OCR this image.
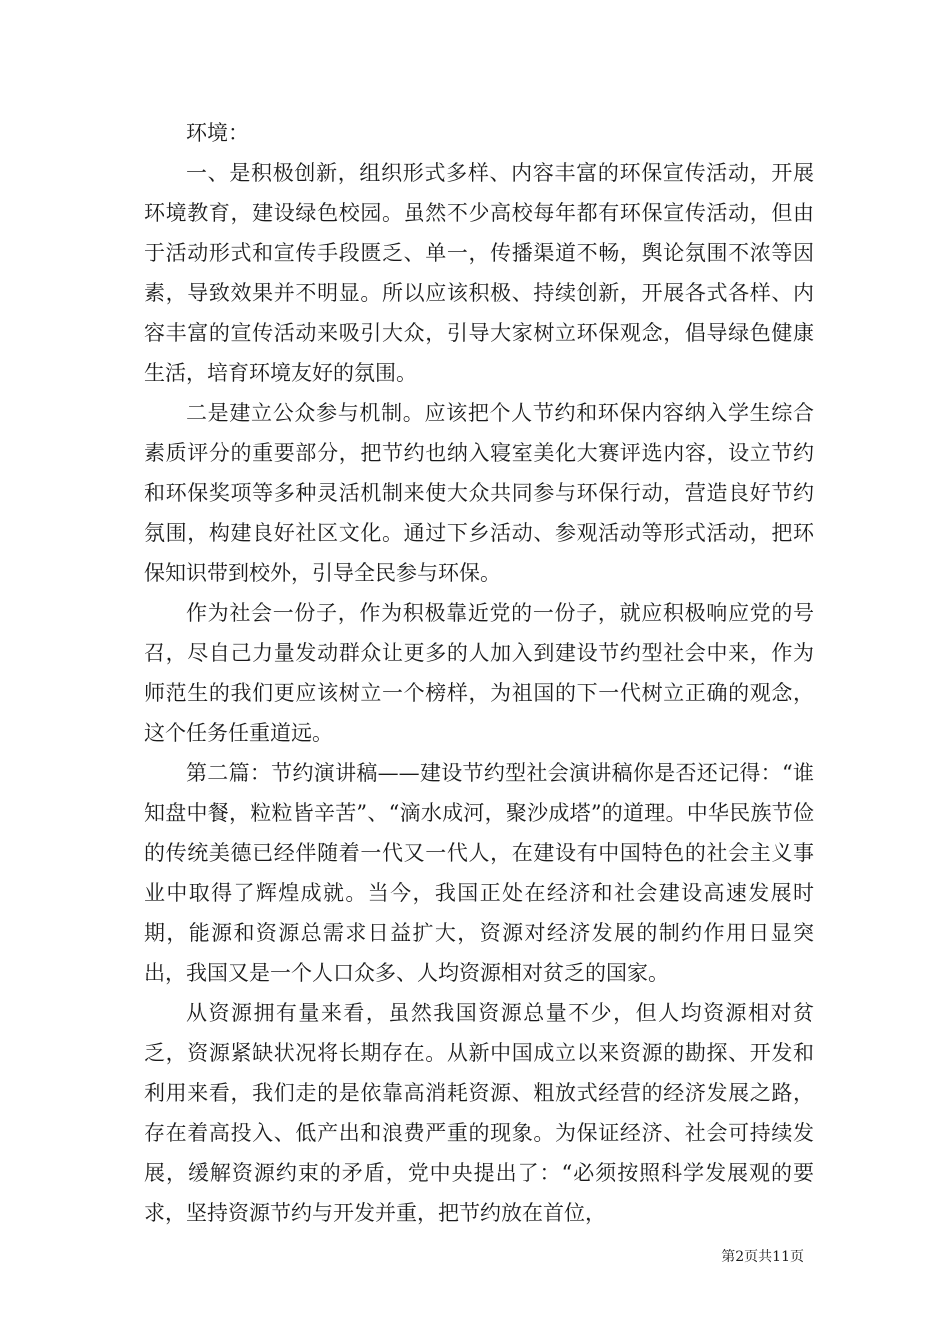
环境：

一、是积极创新，组织形式多样、内容丰富的环保宣传活动，开展环境教育，建设绿色校园。虽然不少高校每年都有环保宣传活动，但由于活动形式和宣传手段匮乏、单一，传播渠道不畅，舆论氛围不浓等因素，导致效果并不明显。所以应该积极、持续创新，开展各式各样、内容丰富的宣传活动来吸引大众，引导大家树立环保观念，倡导绿色健康生活，培育环境友好的氛围。

二是建立公众参与机制。应该把个人节约和环保内容纳入学生综合素质评分的重要部分，把节约也纳入寝室美化大赛评选内容，设立节约和环保奖项等多种灵活机制来使大众共同参与环保行动，营造良好节约氛围，构建良好社区文化。通过下乡活动、参观活动等形式活动，把环保知识带到校外，引导全民参与环保。

作为社会一份子，作为积极靠近党的一份子，就应积极响应党的号召，尽自己力量发动群众让更多的人加入到建设节约型社会中来，作为师范生的我们更应该树立一个榜样，为祖国的下一代树立正确的观念，这个任务任重道远。

第二篇：节约演讲稿——建设节约型社会演讲稿你是否还记得：“谁知盘中餐，粒粒皆辛苦”、“滴水成河，聚沙成塔”的道理。中华民族节俭的传统美德已经伴随着一代又一代人，在建设有中国特色的社会主义事业中取得了辉煌成就。当今，我国正处在经济和社会建设高速发展时期，能源和资源总需求日益扩大，资源对经济发展的制约作用日显突出，我国又是一个人口众多、人均资源相对贫乏的国家。

从资源拥有量来看，虽然我国资源总量不少，但人均资源相对贫乏，资源紧缺状况将长期存在。从新中国成立以来资源的勘探、开发和利用来看，我们走的是依靠高消耗资源、粗放式经营的经济发展之路，存在着高投入、低产出和浪费严重的现象。为保证经济、社会可持续发展，缓解资源约束的矛盾，党中央提出了：“必须按照科学发展观的要求，坚持资源节约与开发并重，把节约放在首位，

第2页共11页
